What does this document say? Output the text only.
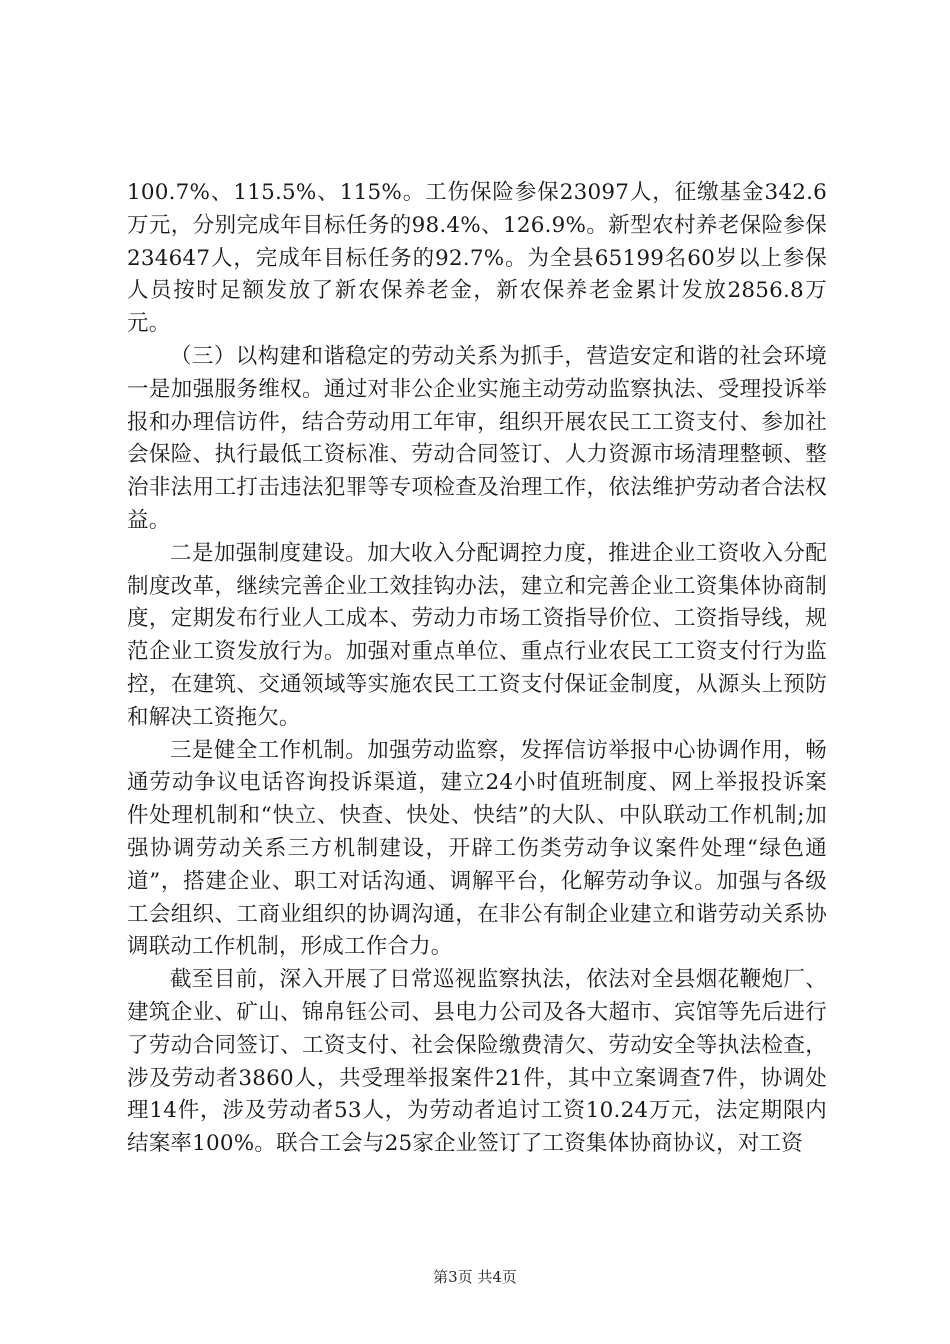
100.7%、115.5%、115%。工伤保险参保23097人，征缴基金342.6万元，分别完成年目标任务的98.4%、126.9%。新型农村养老保险参保234647人，完成年目标任务的92.7%。为全县65199名60岁以上参保人员按时足额发放了新农保养老金，新农保养老金累计发放2856.8万元。

（三）以构建和谐稳定的劳动关系为抓手，营造安定和谐的社会环境一是加强服务维权。通过对非公企业实施主动劳动监察执法、受理投诉举报和办理信访件，结合劳动用工年审，组织开展农民工工资支付、参加社会保险、执行最低工资标准、劳动合同签订、人力资源市场清理整顿、整治非法用工打击违法犯罪等专项检查及治理工作，依法维护劳动者合法权益。

二是加强制度建设。加大收入分配调控力度，推进企业工资收入分配制度改革，继续完善企业工效挂钩办法，建立和完善企业工资集体协商制度，定期发布行业人工成本、劳动力市场工资指导价位、工资指导线，规范企业工资发放行为。加强对重点单位、重点行业农民工工资支付行为监控，在建筑、交通领域等实施农民工工资支付保证金制度，从源头上预防和解决工资拖欠。

三是健全工作机制。加强劳动监察，发挥信访举报中心协调作用，畅通劳动争议电话咨询投诉渠道，建立24小时值班制度、网上举报投诉案件处理机制和“快立、快查、快处、快结”的大队、中队联动工作机制;加强协调劳动关系三方机制建设，开辟工伤类劳动争议案件处理“绿色通道”，搭建企业、职工对话沟通、调解平台，化解劳动争议。加强与各级工会组织、工商业组织的协调沟通，在非公有制企业建立和谐劳动关系协调联动工作机制，形成工作合力。

截至目前，深入开展了日常巡视监察执法，依法对全县烟花鞭炮厂、建筑企业、矿山、锦帛钰公司、县电力公司及各大超市、宾馆等先后进行了劳动合同签订、工资支付、社会保险缴费清欠、劳动安全等执法检查，涉及劳动者3860人，共受理举报案件21件，其中立案调查7件，协调处理14件，涉及劳动者53人，为劳动者追讨工资10.24万元，法定期限内结案率100%。联合工会与25家企业签订了工资集体协商协议，对工资

第3页 共4页
